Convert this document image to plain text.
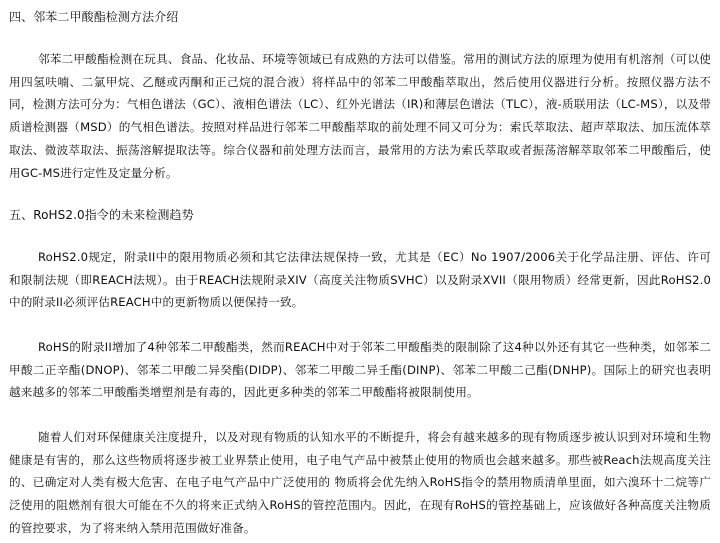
四、邻苯二甲酸酯检测方法介绍

邻苯二甲酸酯检测在玩具、食品、化妆品、环境等领域已有成熟的方法可以借鉴。常用的测试方法的原理为使用有机溶剂（可以使用四氢呋喃、二氯甲烷、乙醚或丙酮和正己烷的混合液）将样品中的邻苯二甲酸酯萃取出，然后使用仪器进行分析。按照仪器方法不同，检测方法可分为：气相色谱法（GC）、液相色谱法（LC）、红外光谱法（IR)和薄层色谱法（TLC），液-质联用法（LC-MS），以及带质谱检测器（MSD）的气相色谱法。按照对样品进行邻苯二甲酸酯萃取的前处理不同又可分为：索氏萃取法、超声萃取法、加压流体萃取法、微波萃取法、振荡溶解提取法等。综合仪器和前处理方法而言，最常用的方法为索氏萃取或者振荡溶解萃取邻苯二甲酸酯后，使用GC-MS进行定性及定量分析。

五、RoHS2.0指令的未来检测趋势

RoHS2.0规定，附录II中的限用物质必须和其它法律法规保持一致，尤其是（EC）No 1907/2006关于化学品注册、评估、许可和限制法规（即REACH法规）。由于REACH法规附录XIV（高度关注物质SVHC）以及附录XVII（限用物质）经常更新，因此RoHS2.0中的附录II必须评估REACH中的更新物质以便保持一致。

RoHS的附录II增加了4种邻苯二甲酸酯类，然而REACH中对于邻苯二甲酸酯类的限制除了这4种以外还有其它一些种类，如邻苯二甲酸二正辛酯(DNOP)、邻苯二甲酸二异癸酯(DIDP)、邻苯二甲酸二异壬酯(DINP)、邻苯二甲酸二己酯(DNHP)。国际上的研究也表明越来越多的邻苯二甲酸酯类增塑剂是有毒的，因此更多种类的邻苯二甲酸酯将被限制使用。

随着人们对环保健康关注度提升，以及对现有物质的认知水平的不断提升，将会有越来越多的现有物质逐步被认识到对环境和生物健康是有害的，那么这些物质将逐步被工业界禁止使用，电子电气产品中被禁止使用的物质也会越来越多。那些被Reach法规高度关注的、已确定对人类有极大危害、在电子电气产品中广泛使用的 物质将会优先纳入RoHS指令的禁用物质清单里面，如六溴环十二烷等广泛使用的阻燃剂有很大可能在不久的将来正式纳入RoHS的管控范围内。因此，在现有RoHS的管控基础上，应该做好各种高度关注物质的管控要求，为了将来纳入禁用范围做好准备。
